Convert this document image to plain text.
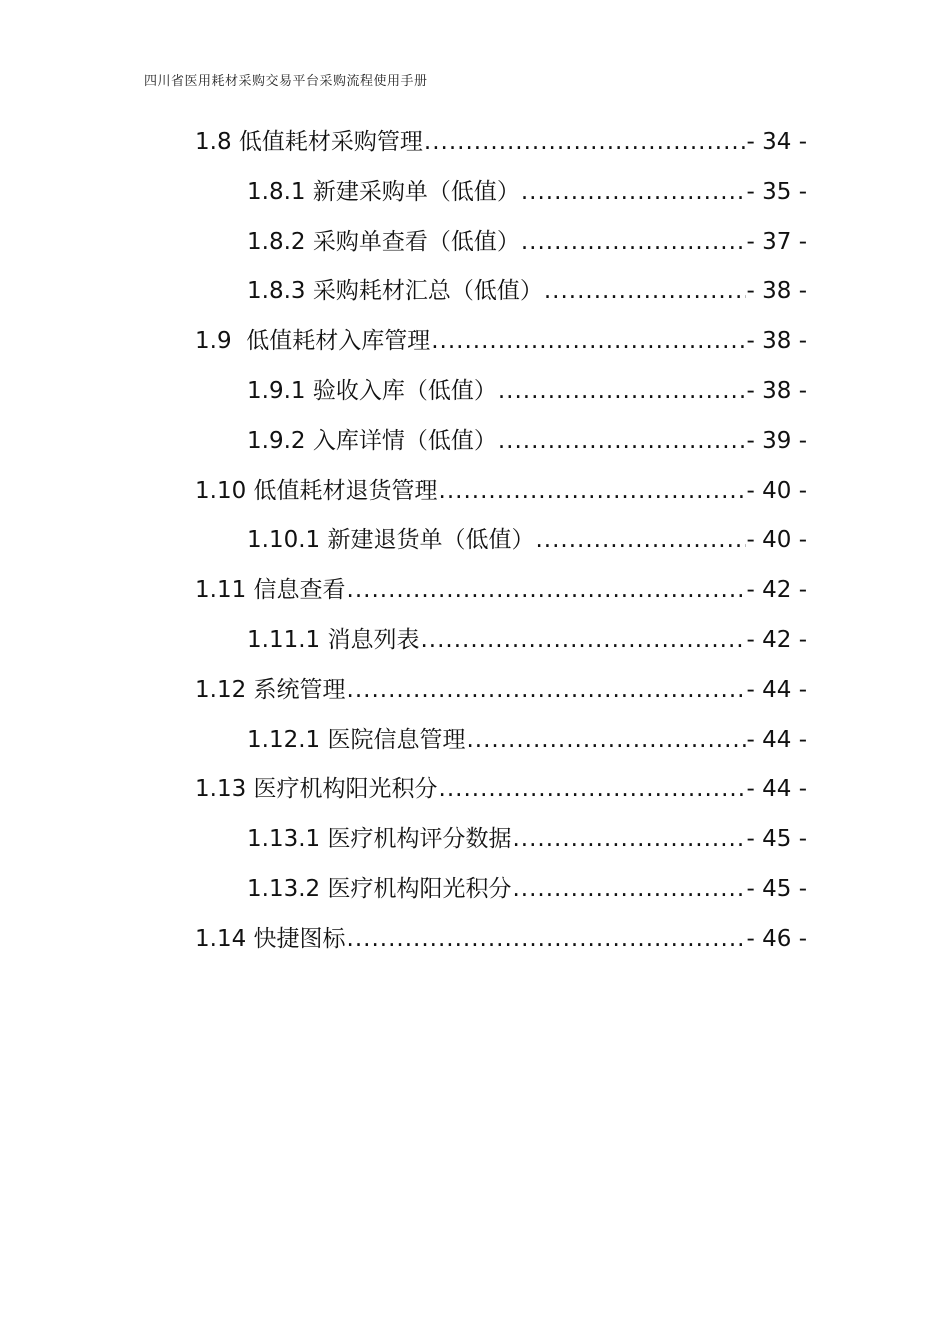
四川省医用耗材采购交易平台采购流程使用手册
1.8 低值耗材采购管理 .....	- 34 -
1.8.1 新建采购单（低值） .....	- 35 -
1.8.2 采购单查看（低值） .....	- 37 -
1.8.3 采购耗材汇总（低值） .....	- 38 -
1.9  低值耗材入库管理 .....	- 38 -
1.9.1 验收入库（低值） .....	- 38 -
1.9.2 入库详情（低值） .....	- 39 -
1.10 低值耗材退货管理 .....	- 40 -
1.10.1 新建退货单（低值） .....	- 40 -
1.11 信息查看 .....	- 42 -
1.11.1 消息列表 .....	- 42 -
1.12 系统管理 .....	- 44 -
1.12.1 医院信息管理 .....	- 44 -
1.13 医疗机构阳光积分 .....	- 44 -
1.13.1 医疗机构评分数据 .....	- 45 -
1.13.2 医疗机构阳光积分 .....	- 45 -
1.14 快捷图标 .....	- 46 -
